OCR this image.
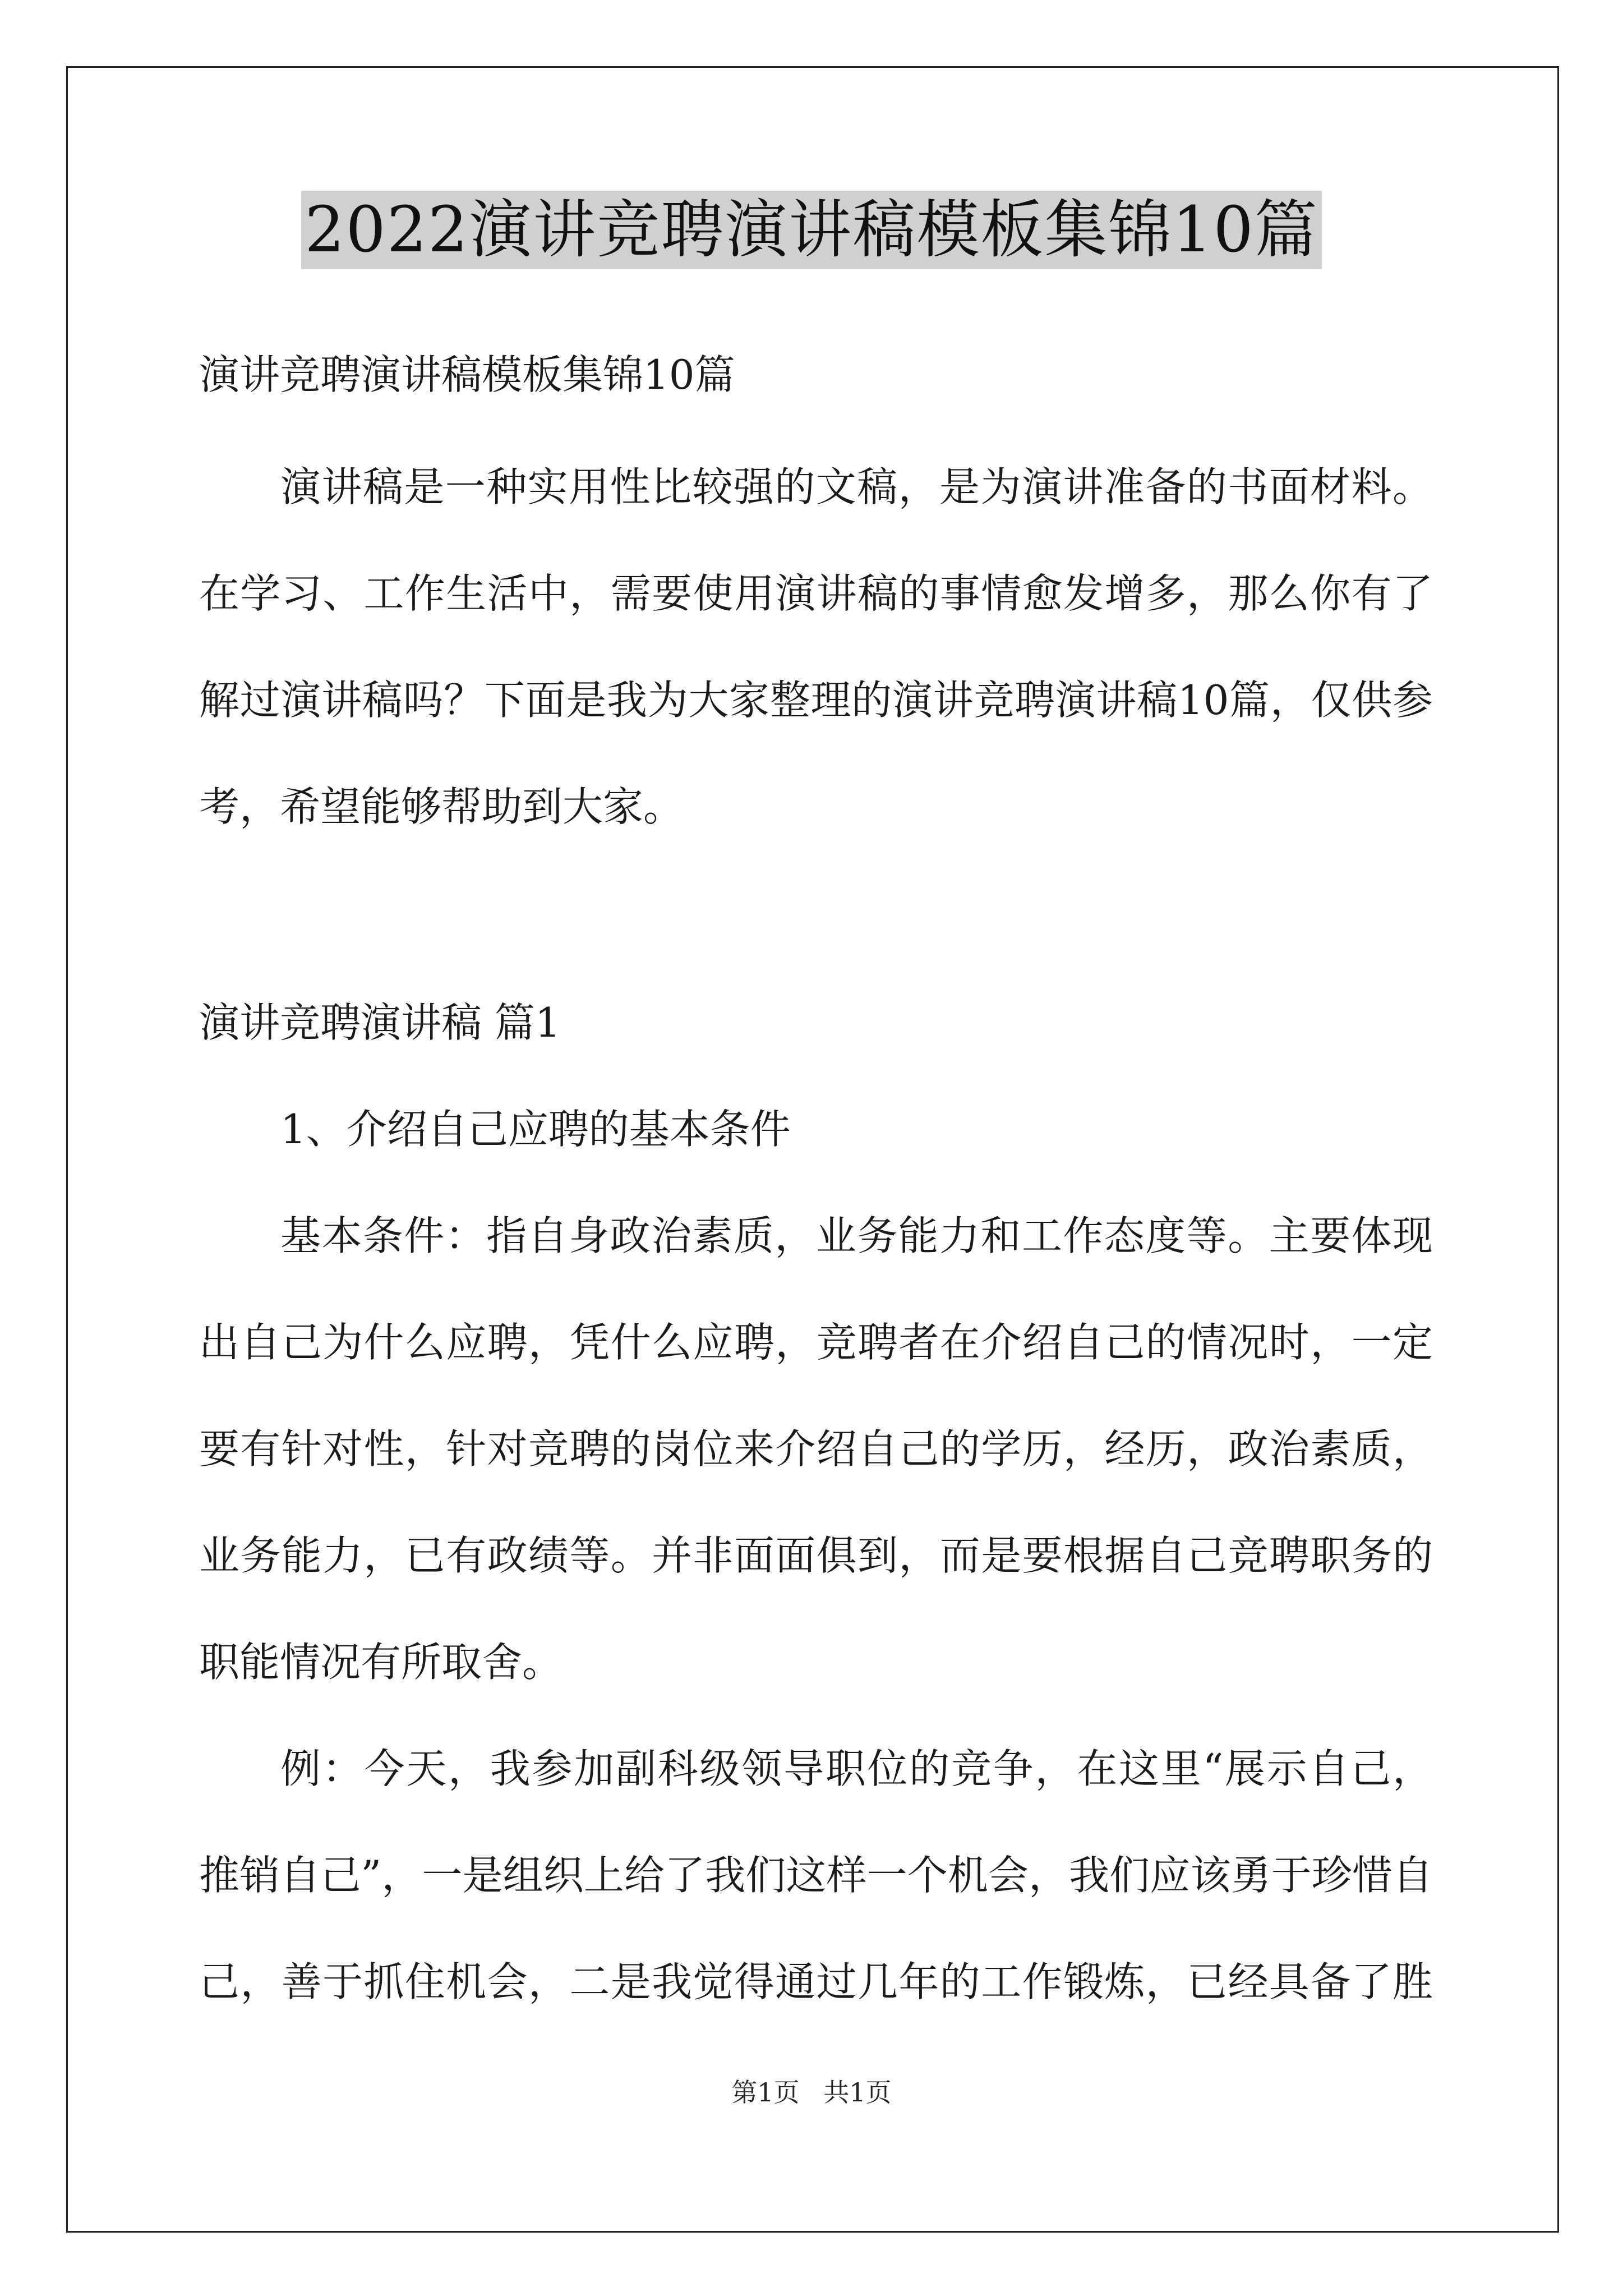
2022演讲竞聘演讲稿模板集锦10篇
演讲竞聘演讲稿模板集锦10篇
演讲稿是一种实用性比较强的文稿，是为演讲准备的书面材料。
在学习、工作生活中，需要使用演讲稿的事情愈发增多，那么你有了
解过演讲稿吗？下面是我为大家整理的演讲竞聘演讲稿10篇，仅供参
考，希望能够帮助到大家。
演讲竞聘演讲稿 篇1
1、介绍自己应聘的基本条件
基本条件：指自身政治素质，业务能力和工作态度等。主要体现
出自己为什么应聘，凭什么应聘，竞聘者在介绍自己的情况时，一定
要有针对性，针对竞聘的岗位来介绍自己的学历，经历，政治素质，
业务能力，已有政绩等。并非面面俱到，而是要根据自己竞聘职务的
职能情况有所取舍。
例：今天，我参加副科级领导职位的竞争，在这里“展示自己，
推销自己”，一是组织上给了我们这样一个机会，我们应该勇于珍惜自
己，善于抓住机会，二是我觉得通过几年的工作锻炼，已经具备了胜
第1页 共1页
